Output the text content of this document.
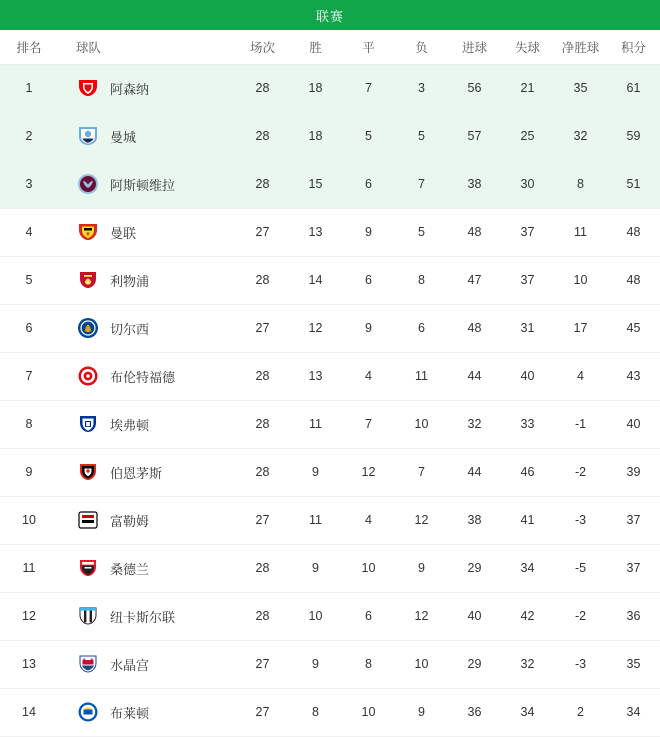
联赛
排名	球队	场次	胜	平	负	进球	失球	净胜球	积分
1	阿森纳	28	18	7	3	56	21	35	61
2	曼城	28	18	5	5	57	25	32	59
3	阿斯顿维拉	28	15	6	7	38	30	8	51
4	曼联	27	13	9	5	48	37	11	48
5	利物浦	28	14	6	8	47	37	10	48
6	切尔西	27	12	9	6	48	31	17	45
7	布伦特福德	28	13	4	11	44	40	4	43
8	埃弗顿	28	11	7	10	32	33	-1	40
9	伯恩茅斯	28	9	12	7	44	46	-2	39
10	富勒姆	27	11	4	12	38	41	-3	37
11	桑德兰	28	9	10	9	29	34	-5	37
12	纽卡斯尔联	28	10	6	12	40	42	-2	36
13	水晶宫	27	9	8	10	29	32	-3	35
14	布莱顿	27	8	10	9	36	34	2	34
